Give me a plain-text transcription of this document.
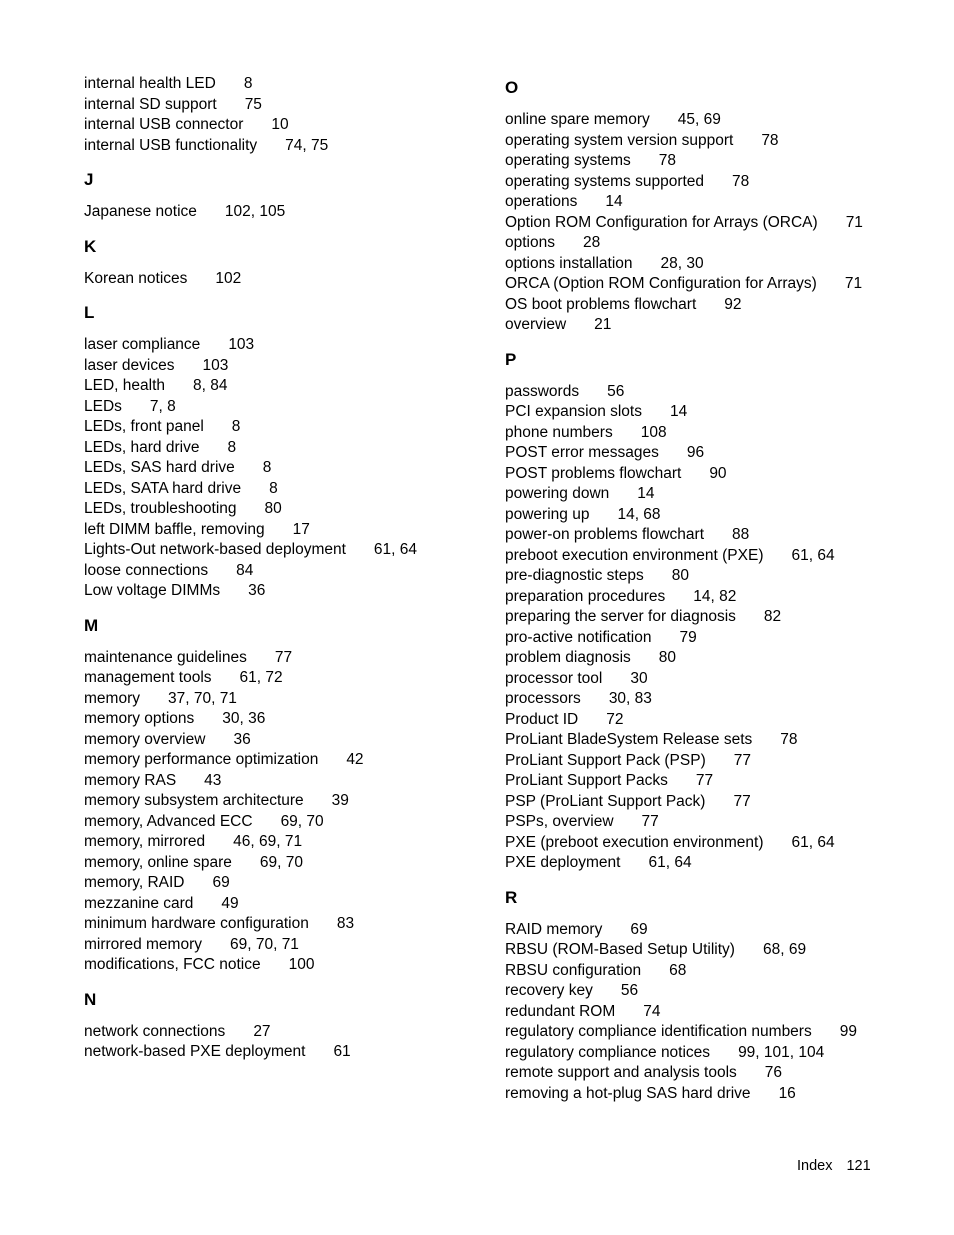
internal health LED 8
internal SD support 75
internal USB connector 10
internal USB functionality 74, 75
J
Japanese notice 102, 105
K
Korean notices 102
L
laser compliance 103
laser devices 103
LED, health 8, 84
LEDs 7, 8
LEDs, front panel 8
LEDs, hard drive 8
LEDs, SAS hard drive 8
LEDs, SATA hard drive 8
LEDs, troubleshooting 80
left DIMM baffle, removing 17
Lights-Out network-based deployment 61, 64
loose connections 84
Low voltage DIMMs 36
M
maintenance guidelines 77
management tools 61, 72
memory 37, 70, 71
memory options 30, 36
memory overview 36
memory performance optimization 42
memory RAS 43
memory subsystem architecture 39
memory, Advanced ECC 69, 70
memory, mirrored 46, 69, 71
memory, online spare 69, 70
memory, RAID 69
mezzanine card 49
minimum hardware configuration 83
mirrored memory 69, 70, 71
modifications, FCC notice 100
N
network connections 27
network-based PXE deployment 61
O
online spare memory 45, 69
operating system version support 78
operating systems 78
operating systems supported 78
operations 14
Option ROM Configuration for Arrays (ORCA) 71
options 28
options installation 28, 30
ORCA (Option ROM Configuration for Arrays) 71
OS boot problems flowchart 92
overview 21
P
passwords 56
PCI expansion slots 14
phone numbers 108
POST error messages 96
POST problems flowchart 90
powering down 14
powering up 14, 68
power-on problems flowchart 88
preboot execution environment (PXE) 61, 64
pre-diagnostic steps 80
preparation procedures 14, 82
preparing the server for diagnosis 82
pro-active notification 79
problem diagnosis 80
processor tool 30
processors 30, 83
Product ID 72
ProLiant BladeSystem Release sets 78
ProLiant Support Pack (PSP) 77
ProLiant Support Packs 77
PSP (ProLiant Support Pack) 77
PSPs, overview 77
PXE (preboot execution environment) 61, 64
PXE deployment 61, 64
R
RAID memory 69
RBSU (ROM-Based Setup Utility) 68, 69
RBSU configuration 68
recovery key 56
redundant ROM 74
regulatory compliance identification numbers 99
regulatory compliance notices 99, 101, 104
remote support and analysis tools 76
removing a hot-plug SAS hard drive 16
Index 121
